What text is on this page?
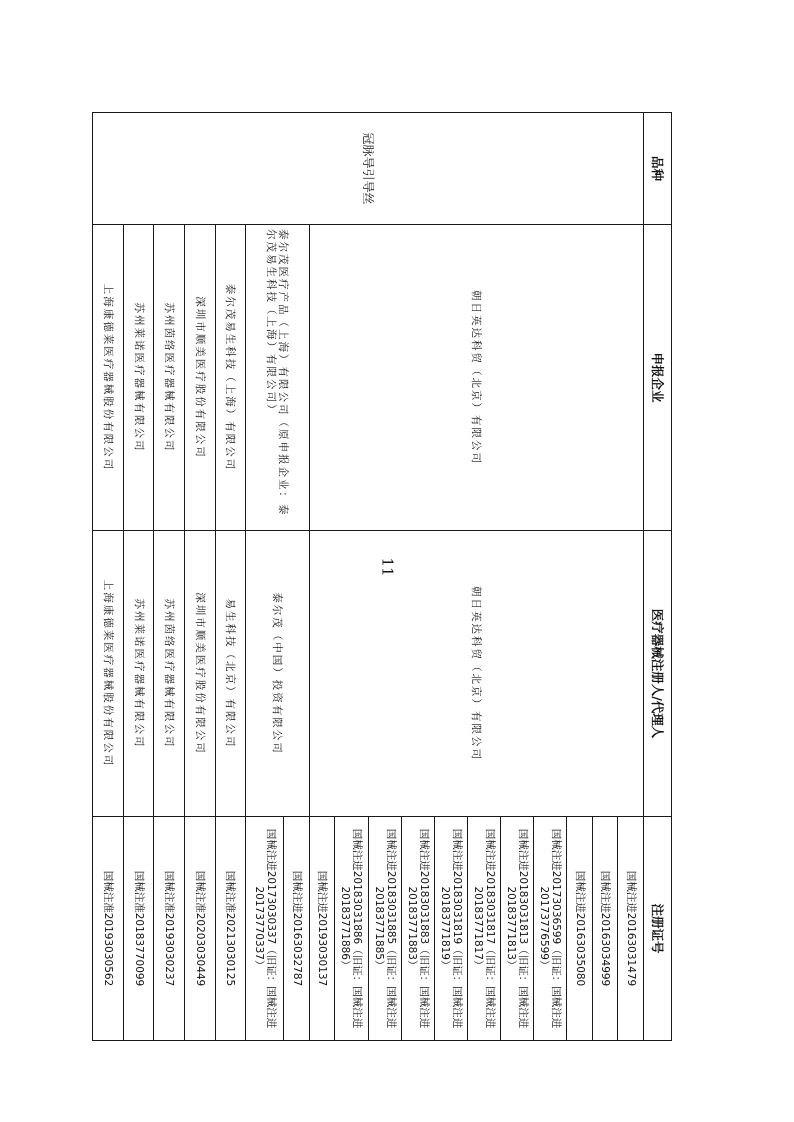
品种	申报企业	医疗器械注册人/代理人	注册证号
冠脉导引导丝	朝日英达科贸（北京）有限公司	朝日英达科贸（北京）有限公司	国械注进20163031479
			国械注进20163034999
			国械注进20163035080
			国械注进20173036599（旧证：国械注进20173776599）
			国械注进20183031813（旧证：国械注进20183771813）
			国械注进20183031817（旧证：国械注进20183771817）
			国械注进20183031819（旧证：国械注进20183771819）
			国械注进20183031883（旧证：国械注进20183771883）
			国械注进20183031885（旧证：国械注进20183771885）
			国械注进20183031886（旧证：国械注进20183771886）
			国械注进20193030137
	泰尔茂医疗产品（上海）有限公司（原申报企业：泰尔茂易生科技（上海）有限公司）	泰尔茂（中国）投资有限公司	国械注进20163032787
			国械注进20173030337（旧证：国械注进20173770337）
	泰尔茂易生科技（上海）有限公司	易生科技（北京）有限公司	国械注准20213030125
	深圳市顺美医疗股份有限公司	深圳市顺美医疗股份有限公司	国械注准20203030449
	苏州茵络医疗器械有限公司	苏州茵络医疗器械有限公司	国械注准20193030237
	苏州莱诺医疗器械有限公司	苏州莱诺医疗器械有限公司	国械注准20183770099
	上海康德莱医疗器械股份有限公司	上海康德莱医疗器械股份有限公司	国械注准20193030562
11
